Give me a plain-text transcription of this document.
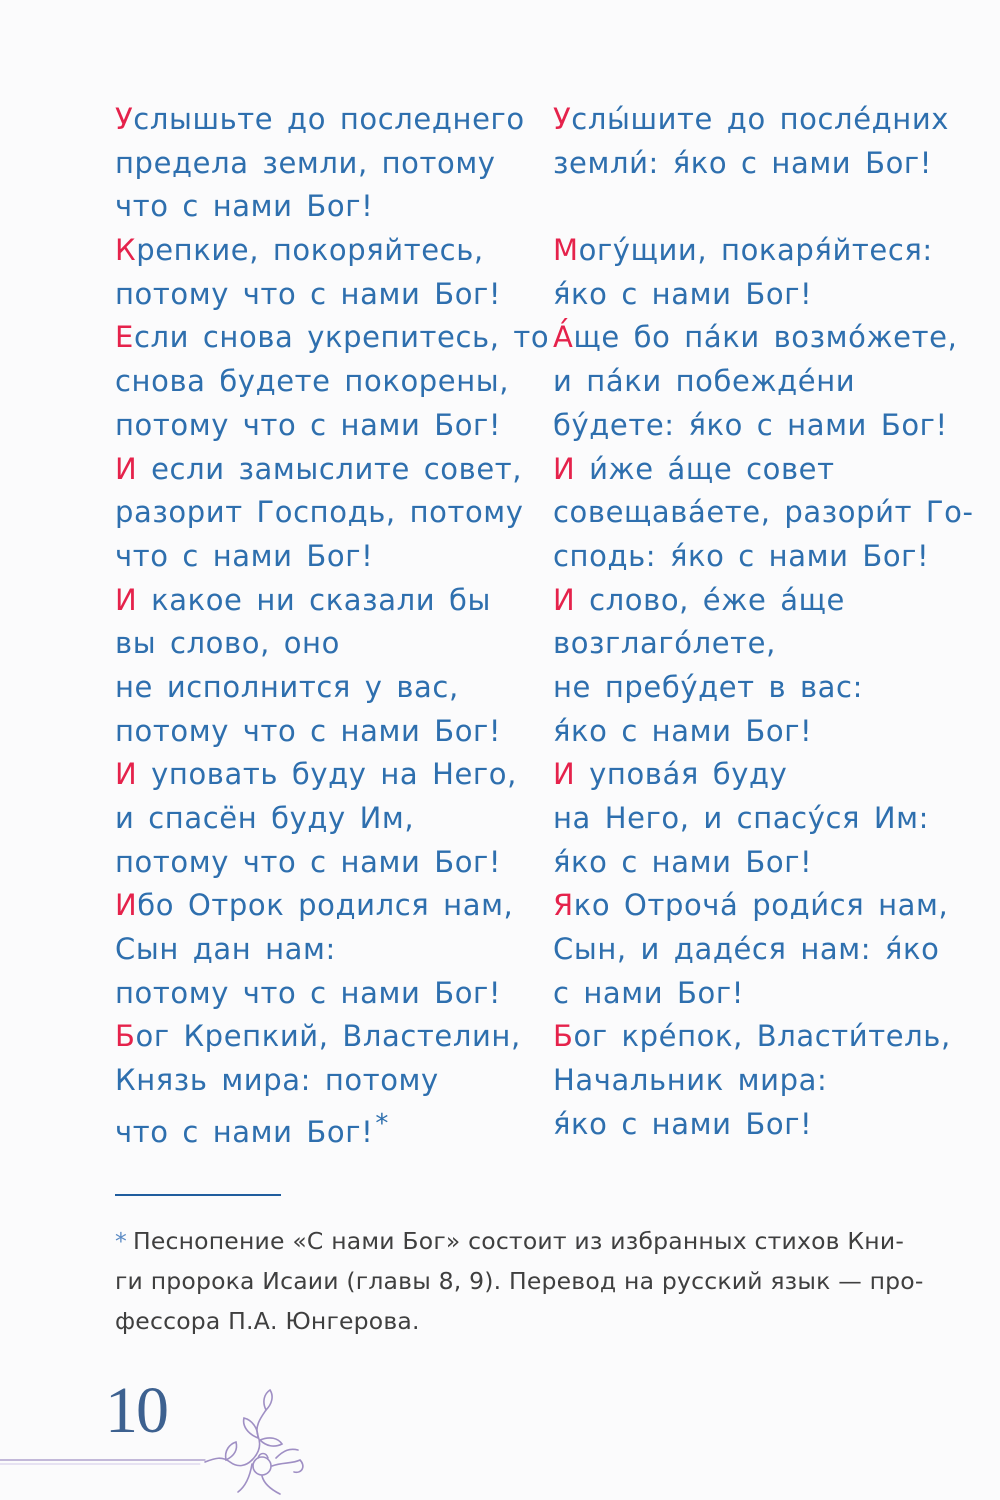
Услышьте до последнего
предела земли, потому
что с нами Бог!
Крепкие, покоряйтесь,
потому что с нами Бог!
Если снова укрепитесь, то
снова будете покорены,
потому что с нами Бог!
И если замыслите совет,
разорит Господь, потому
что с нами Бог!
И какое ни сказали бы
вы слово, оно
не исполнится у вас,
потому что с нами Бог!
И уповать буду на Него,
и спасён буду Им,
потому что с нами Бог!
Ибо Отрок родился нам,
Сын дан нам:
потому что с нами Бог!
Бог Крепкий, Властелин,
Князь мира: потому
что с нами Бог!*
Услы́шите до после́дних
земли́: я́ко с нами Бог!
Могу́щии, покаря́йтеся:
я́ко с нами Бог!
А́ще бо па́ки возмо́жете,
и па́ки побежде́ни
бу́дете: я́ко с нами Бог!
И и́же а́ще совет
совещава́ете, разори́т Го-
сподь: я́ко с нами Бог!
И слово, е́же а́ще
возглаго́лете,
не пребу́дет в вас:
я́ко с нами Бог!
И упова́я буду
на Него, и спасу́ся Им:
я́ко с нами Бог!
Яко Отроча́ роди́ся нам,
Сын, и даде́ся нам: я́ко
с нами Бог!
Бог кре́пок, Власти́тель,
Начальник мира:
я́ко с нами Бог!
* Песнопение «С нами Бог» состоит из избранных стихов Кни-
ги пророка Исаии (главы 8, 9). Перевод на русский язык — про-
фессора П.А. Юнгерова.
10
